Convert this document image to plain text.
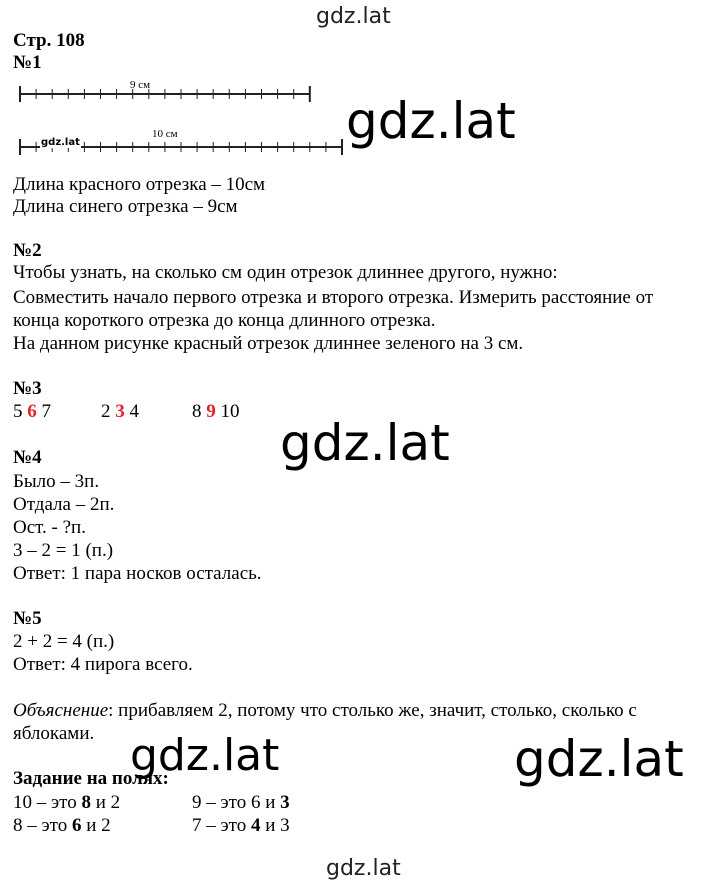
gdz.lat
gdz.lat
gdz.lat
gdz.lat	gdz.lat
gdz.lat
Стр. 108
№1
9 см
10 см
gdz.lat
Длина красного отрезка – 10см
Длина синего отрезка – 9см
№2
Чтобы узнать, на сколько см один отрезок длиннее другого, нужно:
Совместить начало первого отрезка и второго отрезка. Измерить расстояние от
конца короткого отрезка до конца длинного отрезка.
На данном рисунке красный отрезок длиннее зеленого на 3 см.
№3
5 6 7	2 3 4	8 9 10
№4
Было – 3п.
Отдала – 2п.
Ост. - ?п.
3 – 2 = 1 (п.)
Ответ: 1 пара носков осталась.
№5
2 + 2 = 4 (п.)
Ответ: 4 пирога всего.
Объяснение: прибавляем 2, потому что столько же, значит, столько, сколько с
яблоками.
Задание на полях:
10 – это 8 и 2	9 – это 6 и 3
8 – это 6 и 2	7 – это 4 и 3
